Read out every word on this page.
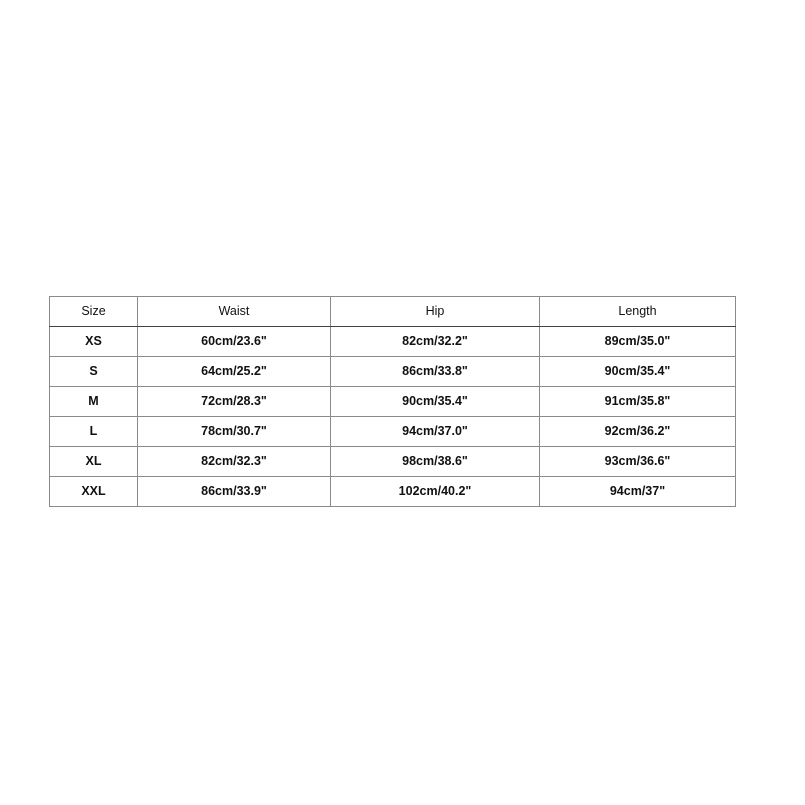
Size	Waist	Hip	Length
XS	60cm/23.6"	82cm/32.2"	89cm/35.0"
S	64cm/25.2"	86cm/33.8"	90cm/35.4"
M	72cm/28.3"	90cm/35.4"	91cm/35.8"
L	78cm/30.7"	94cm/37.0"	92cm/36.2"
XL	82cm/32.3"	98cm/38.6"	93cm/36.6"
XXL	86cm/33.9"	102cm/40.2"	94cm/37"
